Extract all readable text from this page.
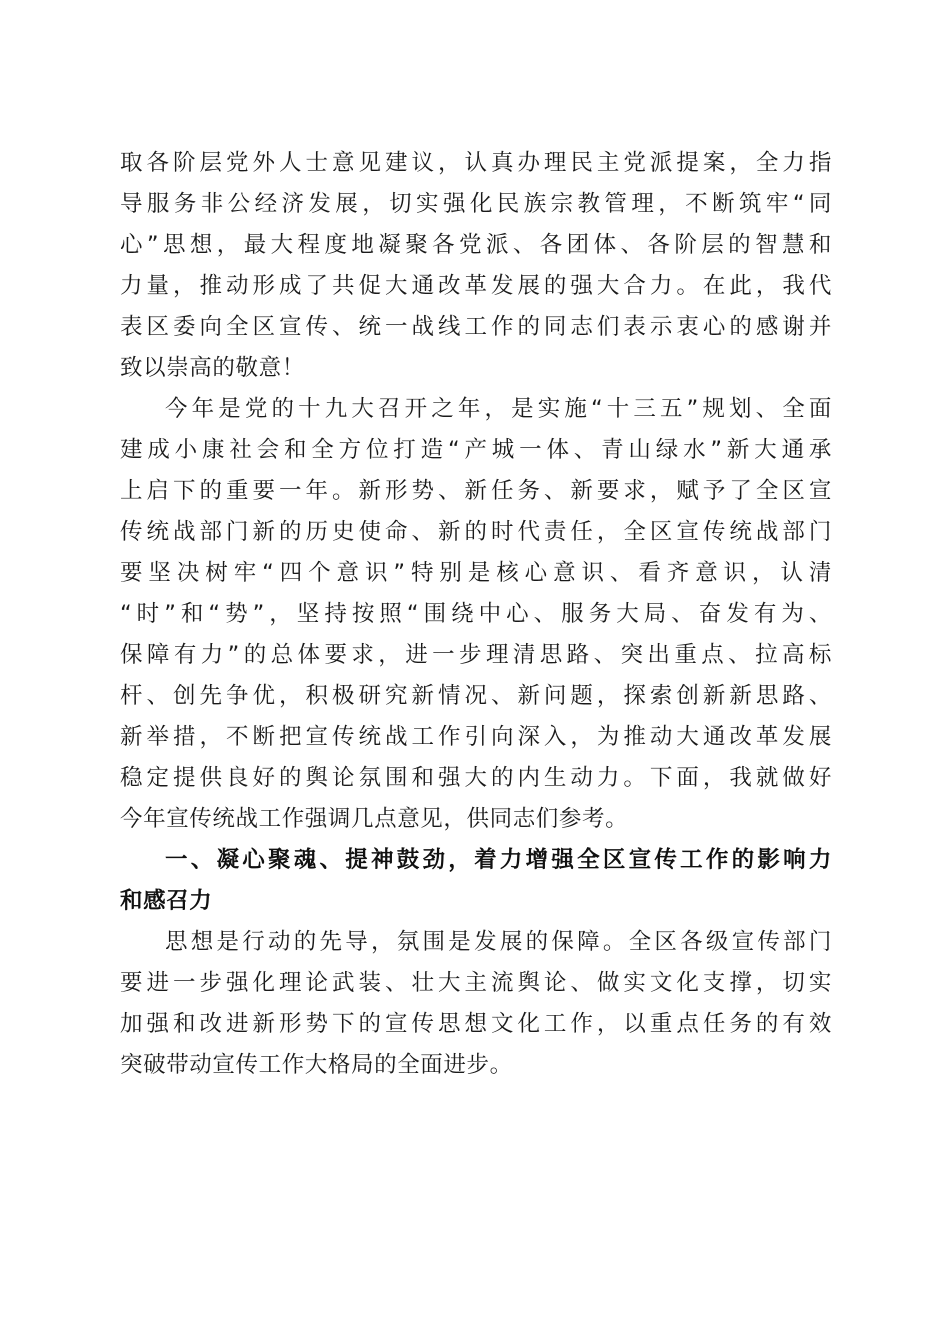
取各阶层党外人士意见建议，认真办理民主党派提案，全力指
导服务非公经济发展，切实强化民族宗教管理，不断筑牢“同
心”思想，最大程度地凝聚各党派、各团体、各阶层的智慧和
力量，推动形成了共促大通改革发展的强大合力。在此，我代
表区委向全区宣传、统一战线工作的同志们表示衷心的感谢并
致以崇高的敬意！
今年是党的十九大召开之年，是实施“十三五”规划、全面
建成小康社会和全方位打造“产城一体、青山绿水”新大通承
上启下的重要一年。新形势、新任务、新要求，赋予了全区宣
传统战部门新的历史使命、新的时代责任，全区宣传统战部门
要坚决树牢“四个意识”特别是核心意识、看齐意识，认清
“时”和“势”，坚持按照“围绕中心、服务大局、奋发有为、
保障有力”的总体要求，进一步理清思路、突出重点、拉高标
杆、创先争优，积极研究新情况、新问题，探索创新新思路、
新举措，不断把宣传统战工作引向深入，为推动大通改革发展
稳定提供良好的舆论氛围和强大的内生动力。下面，我就做好
今年宣传统战工作强调几点意见，供同志们参考。
一、凝心聚魂、提神鼓劲，着力增强全区宣传工作的影响力
和感召力
思想是行动的先导，氛围是发展的保障。全区各级宣传部门
要进一步强化理论武装、壮大主流舆论、做实文化支撑，切实
加强和改进新形势下的宣传思想文化工作，以重点任务的有效
突破带动宣传工作大格局的全面进步。
